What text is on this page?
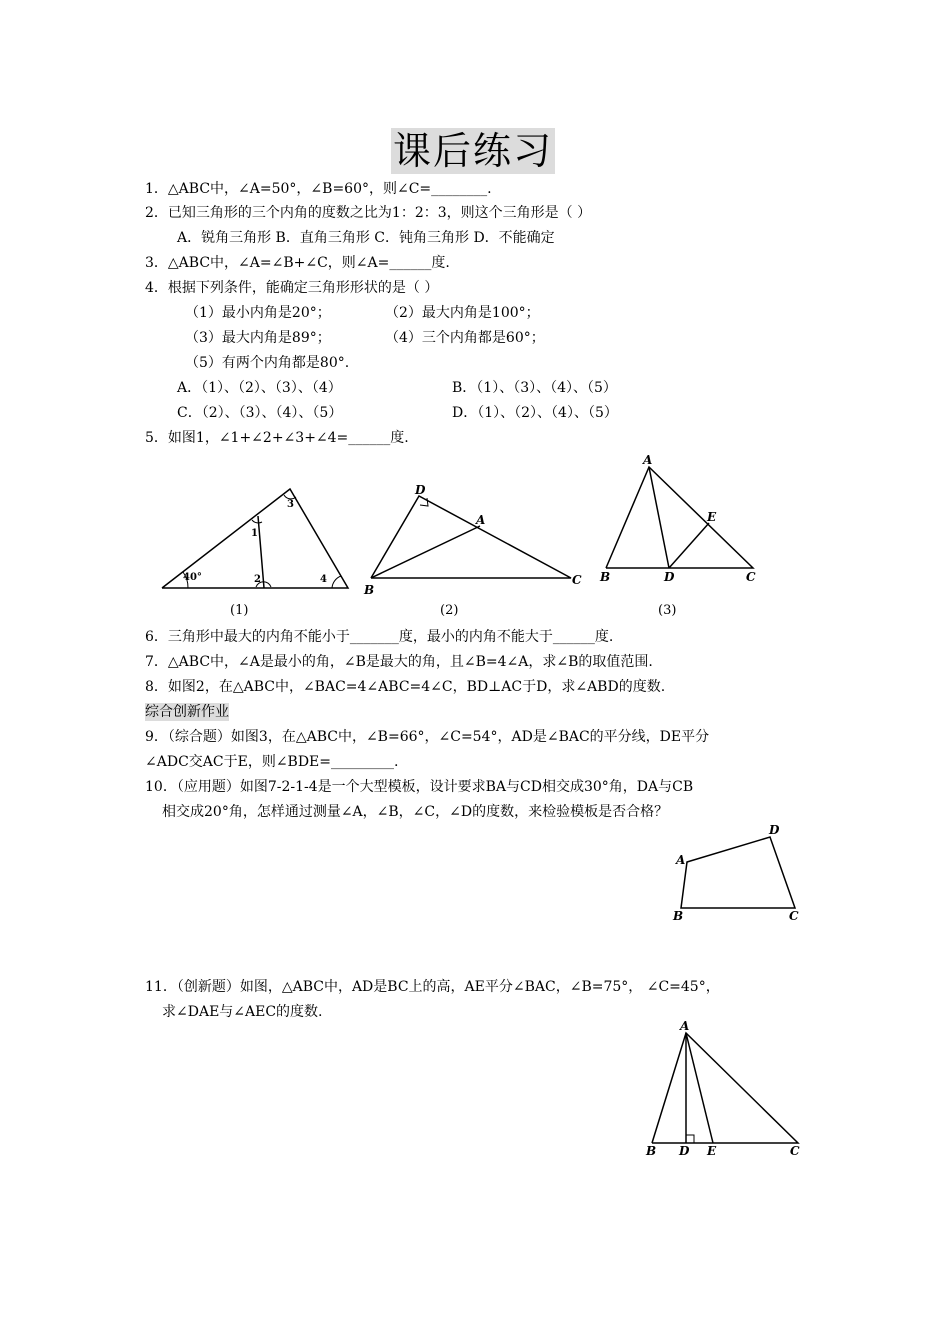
课后练习
1．△ABC中，∠A=50°，∠B=60°，则∠C=________.
2．已知三角形的三个内角的度数之比为1：2：3，则这个三角形是（ ）
A．锐角三角形 B．直角三角形 C．钝角三角形 D．不能确定
3．△ABC中，∠A=∠B+∠C，则∠A=______度.
4．根据下列条件，能确定三角形形状的是（ ）
（1）最小内角是20°；	（2）最大内角是100°；
（3）最大内角是89°；	（4）三个内角都是60°；
（5）有两个内角都是80°.
A．（1）、（2）、（3）、（4）	B．（1）、（3）、（4）、（5）
C．（2）、（3）、（4）、（5）	D．（1）、（2）、（4）、（5）
5．如图1，∠1+∠2+∠3+∠4=______度.
6．三角形中最大的内角不能小于_______度，最小的内角不能大于______度.
7．△ABC中，∠A是最小的角，∠B是最大的角，且∠B=4∠A，求∠B的取值范围.
8．如图2，在△ABC中，∠BAC=4∠ABC=4∠C，BD⊥AC于D，求∠ABD的度数.
综合创新作业
9．（综合题）如图3，在△ABC中，∠B=66°，∠C=54°，AD是∠BAC的平分线，DE平分
∠ADC交AC于E，则∠BDE=_________.
10．（应用题）如图7-2-1-4是一个大型模板，设计要求BA与CD相交成30°角，DA与CB
相交成20°角，怎样通过测量∠A，∠B，∠C，∠D的度数，来检验模板是否合格？
11．（创新题）如图，△ABC中，AD是BC上的高，AE平分∠BAC，∠B=75°， ∠C=45°，
求∠DAE与∠AEC的度数.
40°
1
2
3
4
(1)
D
A
B
C
(2)
A
E
B	D	C
(3)
A
D
B	C
A
B D E	C
